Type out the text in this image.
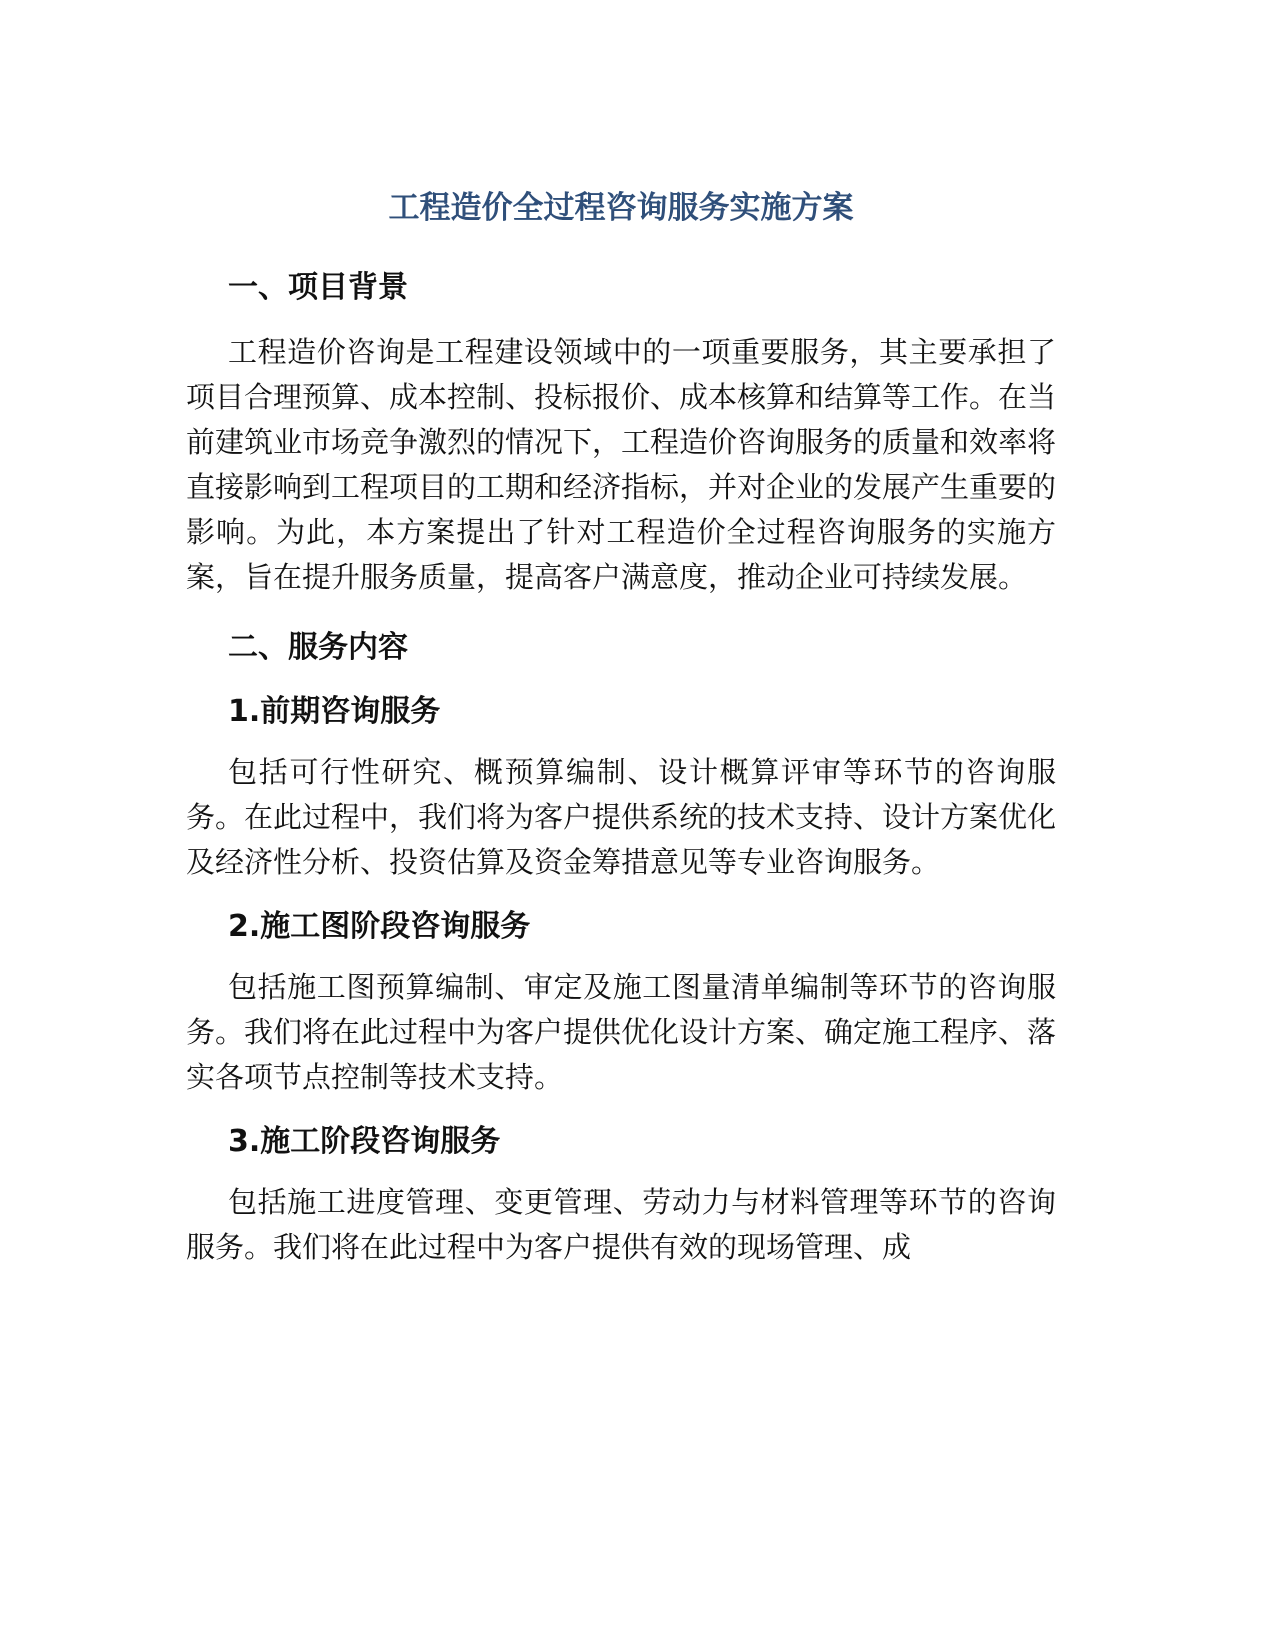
工程造价全过程咨询服务实施方案
一、项目背景

工程造价咨询是工程建设领域中的一项重要服务，其主要承担了项目合理预算、成本控制、投标报价、成本核算和结算等工作。在当前建筑业市场竞争激烈的情况下，工程造价咨询服务的质量和效率将直接影响到工程项目的工期和经济指标，并对企业的发展产生重要的影响。为此，本方案提出了针对工程造价全过程咨询服务的实施方案，旨在提升服务质量，提高客户满意度，推动企业可持续发展。

二、服务内容
1.前期咨询服务

包括可行性研究、概预算编制、设计概算评审等环节的咨询服务。在此过程中，我们将为客户提供系统的技术支持、设计方案优化及经济性分析、投资估算及资金筹措意见等专业咨询服务。

2.施工图阶段咨询服务

包括施工图预算编制、审定及施工图量清单编制等环节的咨询服务。我们将在此过程中为客户提供优化设计方案、确定施工程序、落实各项节点控制等技术支持。

3.施工阶段咨询服务

包括施工进度管理、变更管理、劳动力与材料管理等环节的咨询服务。我们将在此过程中为客户提供有效的现场管理、成
